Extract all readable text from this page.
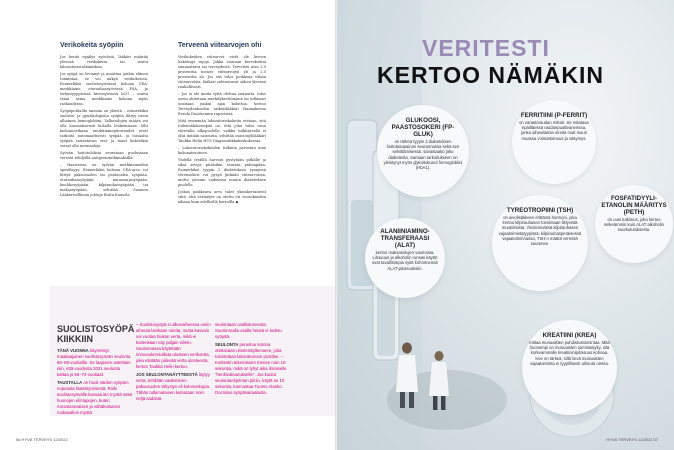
Verikokeita syöpiin

Jos herää epäilys syövästä, lääkäri määrää yleensä verikokeita tai muita laboratoriotutkimuksia.

Jos syöpä on levinnyt ja muuttaa jonkin elimen toimintaa, se voi näkyä verikokeissa. Esimerkiksi suolistosyövässä kohoaa CEA-merkkiaine, eturauhassyövässä PSA, ja tietyntyyppisissä kivessyövissä hCG – mutta tämä sama merkkiaine kohoaa myös raskaudessa.

Syöpäpotilailla anemia on yleistä – esimerkiksi suolisto- ja gynekologisiin syöpiin liittyy usein alhainen hemoglobiini. Valkosolujen määrä voi olla huomattavasti koholla leukemiassa. Silti kohonneetkaan merkkiainepitoisuudet eivät tarkoita automaattisesti syöpää, ja toisaalta syöpää sairastavan veri- ja muut kokeetkin voivat olla normaaleja.

Syövän hoitotuloksia seurataan puolestaan verestä tehdyillä antigeenitutkimuksilla.

– Haasteena on syövän merkkiaineiden spesifisyys. Esimerkiksi kohoaa CEA-arvo voi liittyä paksusuolen tai peräsuolen syöpään, eturauhassyöpään, munasarjasyöpään, keuhkosyöpään, kilpirauhassyöpään tai maksasyöpään, sehittää Suomen Lääkeriselliinen johtaja Butta Kuusela.

Terveenä viitearvojen ohi

Verikokeiden viitearvot eivät ole kiveen hakattuja rajoja. Jokka suuraan kerroksittai suunnattava tai terveydestä. Terveistä noin 2,5 prosenttia menee viitearvojen yli ja 2,5 prosenttia ali. Jos siis tulos poikkeaa vähän viitearvoista, lääkäri suhtautuvat siihen yleensä rauhallisesti.

– Jos ei ole muita syitä olettaa sairautta, tulos usein ohitetaan merkityksettömänä tai tutkimus uusitaan jonkin ajan kuluttua, kertoo Terveydenhoidon erikoislääkäri Hannakeena Eerola Duodecimin raportissa.

Mitä enemmän laboratoriokokeita otetaan, sitä todennäköisempää on, että joku tulos osuu viitevälin ulkopuolelle, vaikka tutkittavalla ei olisi mitään sairautta, sehittää osastonylilääkäri Taukka Helin HUS Diagnostiikkakeskuksesta.

– Laboratoriokokeiden tulkinta perustuu aina kokonaisuuteen.

Yhdellä testillä harvoin pystytään pitkälle ja siksi arvoja pitäisikin seurata pidempään. Esimerkiksi tyypin 2 diabeteksen synnyssä verensokeri voi pysyä pitkään viitearvoissa, mutta joissain vaiheessa muuta diabeteksen puolelle.

Joskus poikkeava arvo tulee yksinkertaisesti siitä, että verinäyte on otettu eri vuorokauden aikaan kuin edellisillä kerroilla ◆

SUOLISTOSYÖPÄ
KIIKKIIN

TÄNÄ VUONNA käynnistyi maailaajuinen suolistosyövän seulonta 60–68-vuotiaille. Se laajenee asteittain niin, että vuodesta 2031 seulonta kattaa jo 56–74-vuotiaat.

TAUSTALLA on huoli näiden syöpien nopeasta lisääntymisestä. Riski suolistosyövälle kasvaa iän myötä sekä huonojen elintapojen, kuten runsasrasvaisen ja vähäkuituisen ruokavalion myötä.

– Suolistosyöpä ei alkuvaiheessa usein aiheuta lainkaan oireita, mutta kasvain voi vuotaa hiukan verta, mikä ei kuitenkaan näy paljain silmin. Seulonnassa käytetään immunokemiallista ulosteen verikoetta, joka etsitään piilevää verta ulosteesta, kertoo Taukka Helin kertoo.

JOS SEULONTANÄYTTEESTÄ löytyy verta, tehdään vaaleminen paksusuolen tähystys eli kolonoskopia. Tähän tutkimukseen kutsutaan noin neljä sadasta

seulontaan osallistuneesta. Suurimmalla osalla heistä ei todetu syöpää.

SEULONTA perustuu kotona otettavaan ulostenäytteeseen, joka toimitetaan laboratorioon postitse. – Kotitestin tekemiseen menee noin 10 sekuntia, mikä on lyhyt aika ilmaiselle "henkivakuutukselle". Jos kuulut seulontaohjelman piiriin, käytä se 10 sekuntia, kannustaa Tuomo Alanko Docrates syöpäsairaalasta.

56 HYVÄ TERVEYS 12/2022
VERITESTI
KERTOO NÄMÄKIN
GLUKOOSI, PAASTOSOKERI (FP-GLUK)
on tärkeä tyypin 2 diabeteksen hoitotasapainon seurannassa sekä sen selvittämisessä, sairastaako joku diabetesta. Samaan tarkoitukseen on yleistynyt myös glykoitoitunut hemoglobiini (HbA1).
FERRITIINI (P-FERRIT)
on varastoraudan mittari. Se mitataan epäiltäessä raudanpuutteanemiaa, jonka aiheuttamia oireita ovat muun muassa voimattomuus ja väsymys.
FOSFATIDYYLI-ETANOLIN MÄÄRITYS (PETH)
on uusi tutkimus, joka kertoo selkeämmin kuin ALAT alkoholin suurkulutuksesta.
ALANIINIAMINO-TRANSFERAASI (ALAT)
kertoo maksasolujen vaurioista. Lihavuus ja alkoholin runsas käyttö ovat tavallisimpia syitä kohonneisiin ALAT-pitoisuuksiin.
TYREOTROPIINI (TSH)
on aivolisäkkeen erittämä hormoni, joka kertoo kilpirauhasen toimintaan liittyvistä muutoksista. Yleisimmässä kilpirauhasen vajaatoimintatyypissä, kilpirauhasperäisessä vajaatoiminnassa, TSH:n määrä veressä suurenee.
KREATIINI (KREA)
mittaa munuaisten puhdistustoimintaa. Mitä huonompi on munuaisten toimintakyky, sitä korkeammalle kreatiininipitoisuus kohoaa. Koe on tärkeä, sillä lievä munuaisten vajaatoiminta ei tyypillisesti aiheuta oireita.
HYVÄ TERVEYS 12/2022 57
